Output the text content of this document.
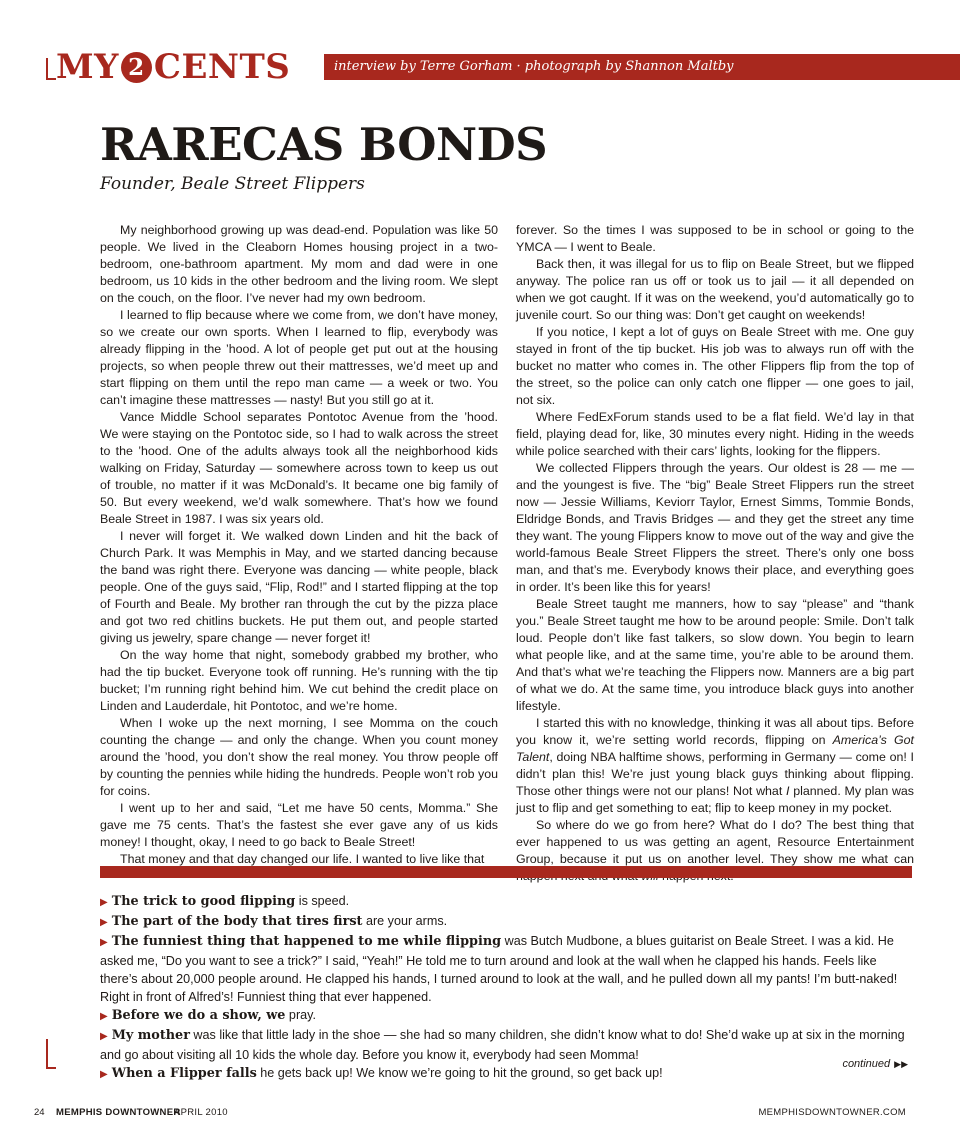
MY 2 CENTS	interview by Terre Gorham · photograph by Shannon Maltby
RARECAS BONDS
Founder, Beale Street Flippers

My neighborhood growing up was dead-end. Population was like 50 people. We lived in the Cleaborn Homes housing project in a two-bedroom, one-bathroom apartment. My mom and dad were in one bedroom, us 10 kids in the other bedroom and the living room. We slept on the couch, on the floor. I’ve never had my own bedroom.

I learned to flip because where we come from, we don’t have money, so we create our own sports. When I learned to flip, everybody was already flipping in the ’hood. A lot of people get put out at the housing projects, so when people threw out their mattresses, we’d meet up and start flipping on them until the repo man came — a week or two. You can’t imagine these mattresses — nasty! But you still go at it.

Vance Middle School separates Pontotoc Avenue from the ’hood. We were staying on the Pontotoc side, so I had to walk across the street to the ’hood. One of the adults always took all the neighborhood kids walking on Friday, Saturday — somewhere across town to keep us out of trouble, no matter if it was McDonald’s. It became one big family of 50. But every weekend, we’d walk somewhere. That’s how we found Beale Street in 1987. I was six years old.

I never will forget it. We walked down Linden and hit the back of Church Park. It was Memphis in May, and we started dancing because the band was right there. Everyone was dancing — white people, black people. One of the guys said, “Flip, Rod!” and I started flipping at the top of Fourth and Beale. My brother ran through the cut by the pizza place and got two red chitlins buckets. He put them out, and people started giving us jewelry, spare change — never forget it!

On the way home that night, somebody grabbed my brother, who had the tip bucket. Everyone took off running. He’s running with the tip bucket; I’m running right behind him. We cut behind the credit place on Linden and Lauderdale, hit Pontotoc, and we’re home.

When I woke up the next morning, I see Momma on the couch counting the change — and only the change. When you count money around the ’hood, you don’t show the real money. You throw people off by counting the pennies while hiding the hundreds. People won’t rob you for coins.

I went up to her and said, “Let me have 50 cents, Momma.” She gave me 75 cents. That’s the fastest she ever gave any of us kids money! I thought, okay, I need to go back to Beale Street!

That money and that day changed our life. I wanted to live like that

forever. So the times I was supposed to be in school or going to the YMCA — I went to Beale.

Back then, it was illegal for us to flip on Beale Street, but we flipped anyway. The police ran us off or took us to jail — it all depended on when we got caught. If it was on the weekend, you’d automatically go to juvenile court. So our thing was: Don’t get caught on weekends!

If you notice, I kept a lot of guys on Beale Street with me. One guy stayed in front of the tip bucket. His job was to always run off with the bucket no matter who comes in. The other Flippers flip from the top of the street, so the police can only catch one flipper — one goes to jail, not six.

Where FedExForum stands used to be a flat field. We’d lay in that field, playing dead for, like, 30 minutes every night. Hiding in the weeds while police searched with their cars’ lights, looking for the flippers.

We collected Flippers through the years. Our oldest is 28 — me — and the youngest is five. The “big” Beale Street Flippers run the street now — Jessie Williams, Keviorr Taylor, Ernest Simms, Tommie Bonds, Eldridge Bonds, and Travis Bridges — and they get the street any time they want. The young Flippers know to move out of the way and give the world-famous Beale Street Flippers the street. There’s only one boss man, and that’s me. Everybody knows their place, and everything goes in order. It’s been like this for years!

Beale Street taught me manners, how to say “please” and “thank you.” Beale Street taught me how to be around people: Smile. Don’t talk loud. People don’t like fast talkers, so slow down. You begin to learn what people like, and at the same time, you’re able to be around them. And that’s what we’re teaching the Flippers now. Manners are a big part of what we do. At the same time, you introduce black guys into another lifestyle.

I started this with no knowledge, thinking it was all about tips. Before you know it, we’re setting world records, flipping on America’s Got Talent, doing NBA halftime shows, performing in Germany — come on! I didn’t plan this! We’re just young black guys thinking about flipping. Those other things were not our plans! Not what I planned. My plan was just to flip and get something to eat; flip to keep money in my pocket.

So where do we go from here? What do I do? The best thing that ever happened to us was getting an agent, Resource Entertainment Group, because it put us on another level. They show me what can

▶ The trick to good flipping is speed.

▶ The part of the body that tires first are your arms.

▶ The funniest thing that happened to me while flipping was Butch Mudbone, a blues guitarist on Beale Street. I was a kid. He asked me, “Do you want to see a trick?” I said, “Yeah!” He told me to turn around and look at the wall when he clapped his hands. Feels like there’s about 20,000 people around. He clapped his hands, I turned around to look at the wall, and he pulled down all my pants! I’m butt-naked! Right in front of Alfred’s! Funniest thing that ever happened.

▶ Before we do a show, we pray.

▶ My mother was like that little lady in the shoe — she had so many children, she didn’t know what to do! She’d wake up at six in the morning and go about visiting all 10 kids the whole day. Before you know it, everybody had seen Momma!

▶ When a Flipper falls he gets back up! We know we’re going to hit the ground, so get back up!

continued ▶▶
24 MEMPHIS DOWNTOWNER
APRIL 2010	MEMPHISDOWNTOWNER.COM
